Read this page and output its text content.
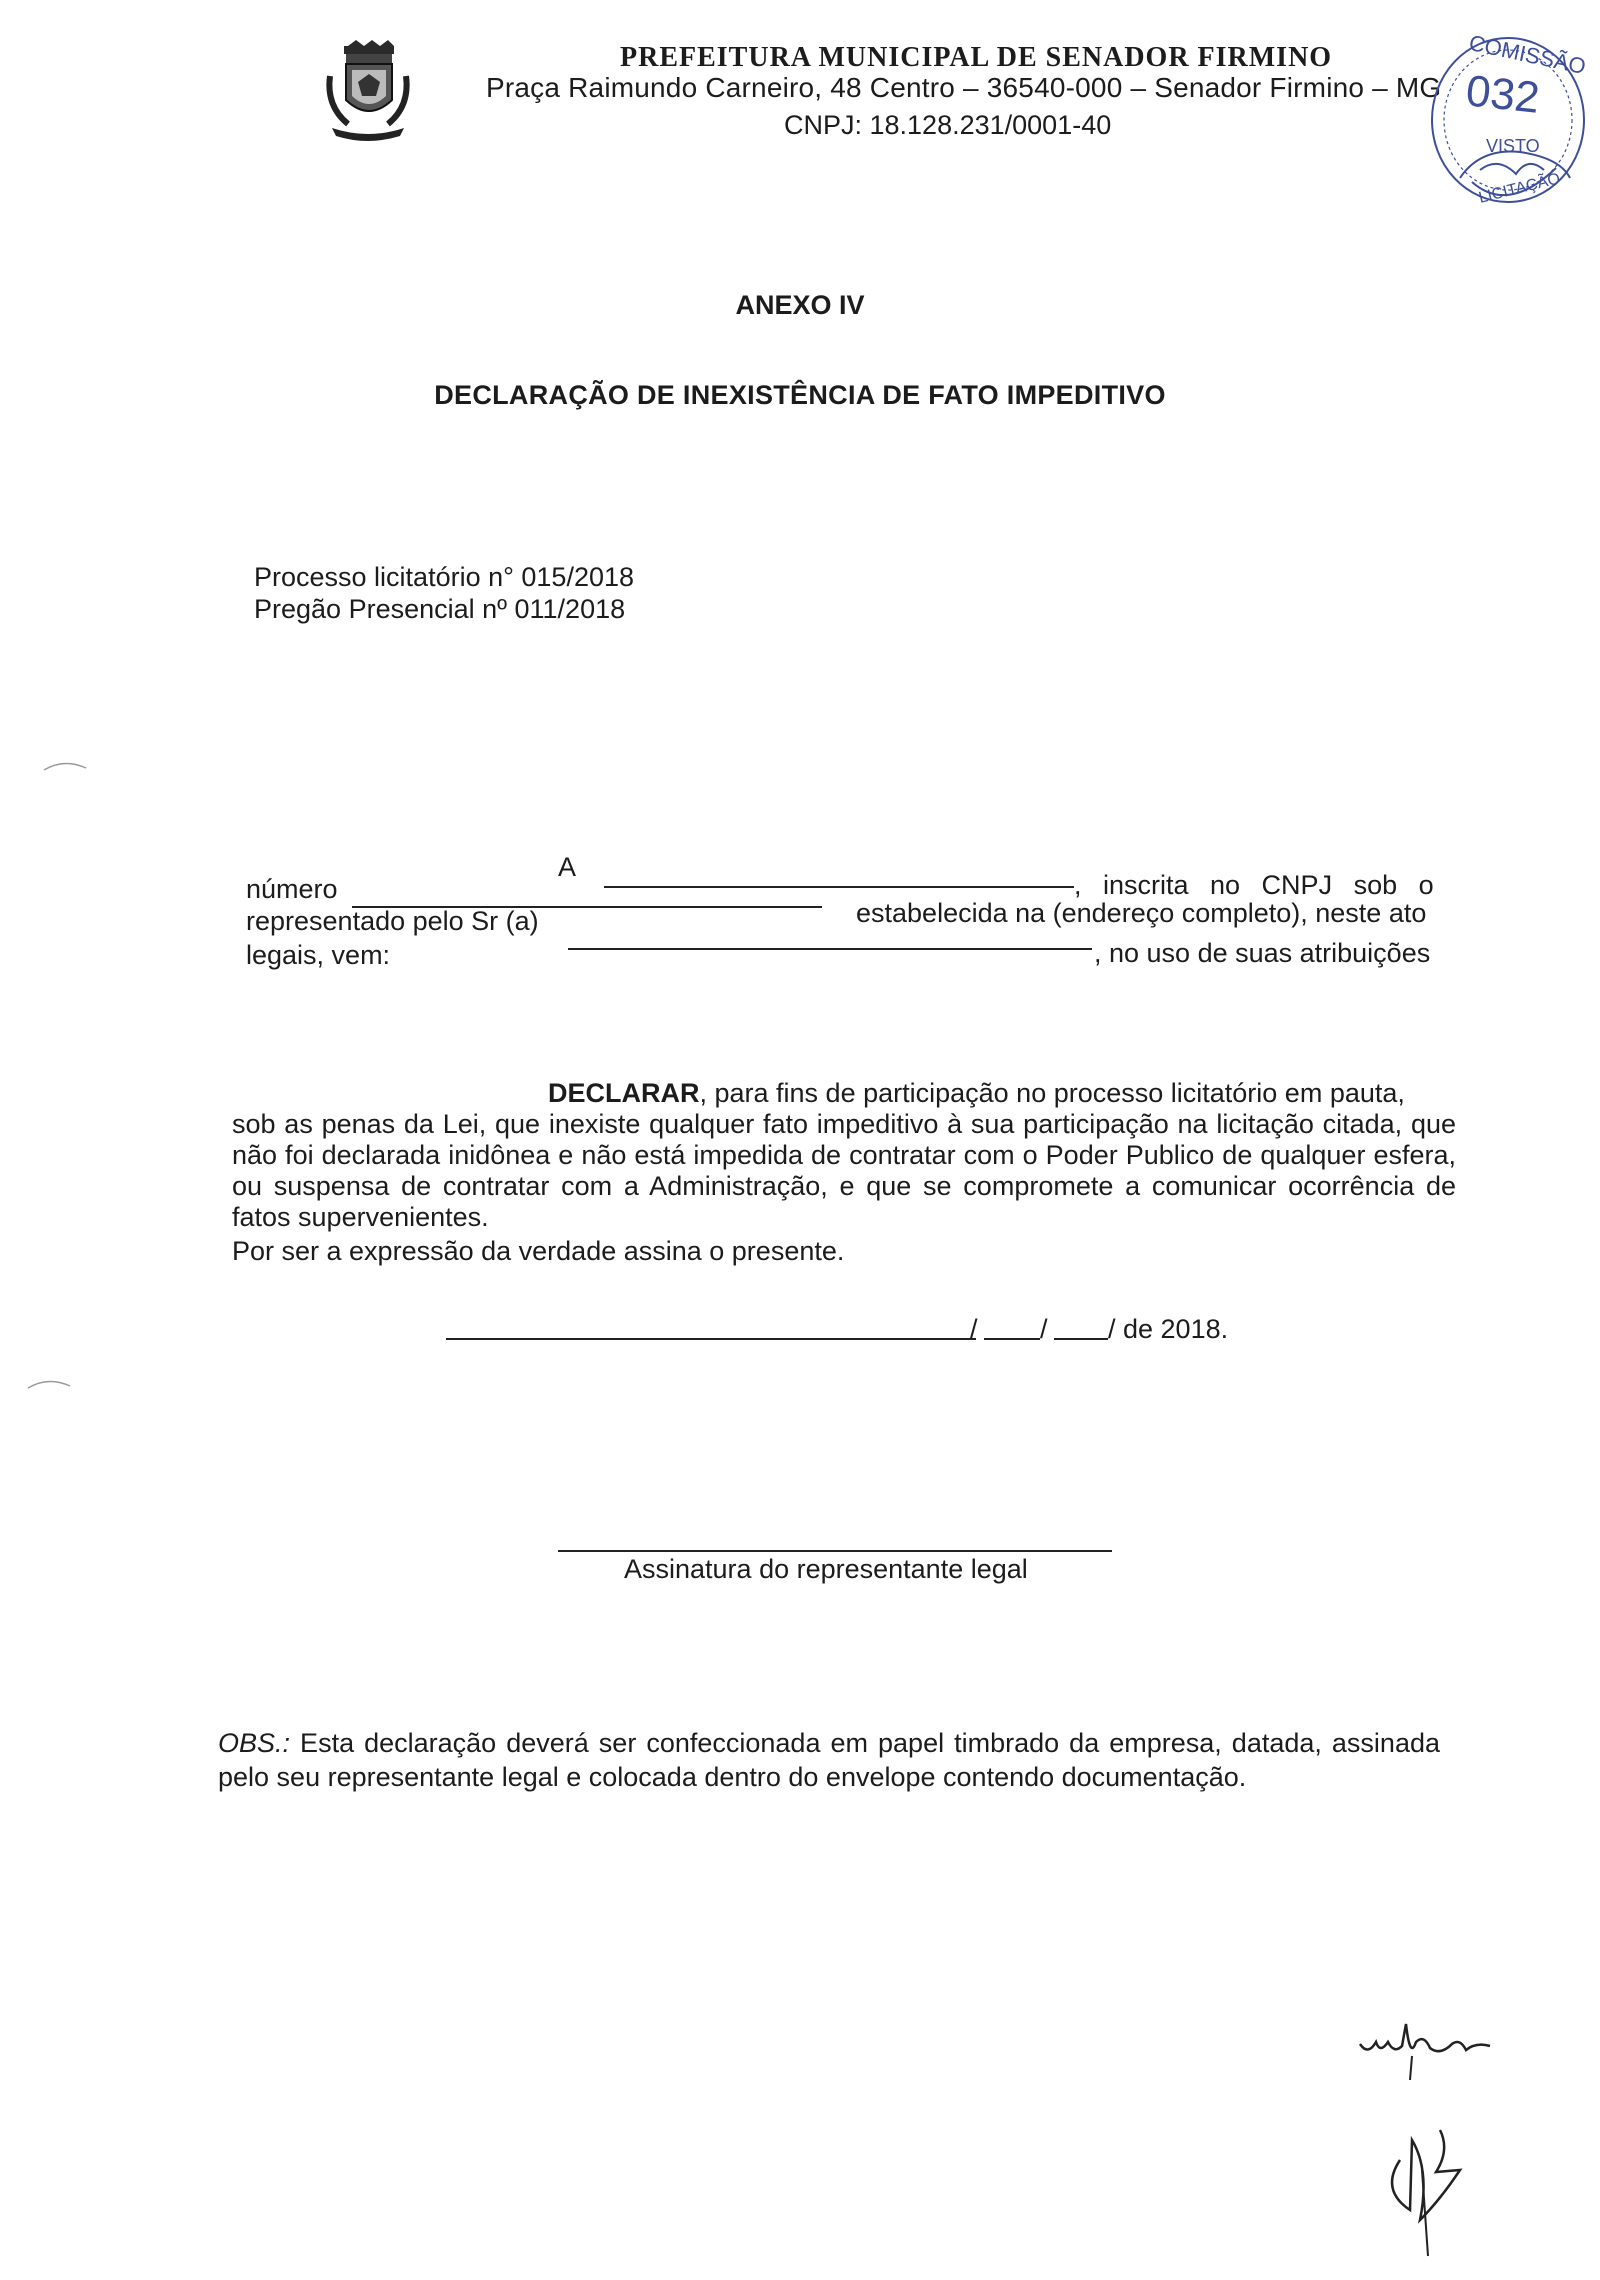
PREFEITURA MUNICIPAL DE SENADOR FIRMINO
Praça Raimundo Carneiro, 48 Centro – 36540-000 – Senador Firmino – MG
CNPJ: 18.128.231/0001-40
COMISSÃO
032
VISTO
LICITAÇÃO
ANEXO IV
DECLARAÇÃO DE INEXISTÊNCIA DE FATO IMPEDITIVO
Processo licitatório n° 015/2018
Pregão Presencial nº 011/2018
A
, inscrita no CNPJ sob o
número
estabelecida na (endereço completo), neste ato
representado pelo Sr (a)
, no uso de suas atribuições
legais, vem:
DECLARAR, para fins de participação no processo licitatório em pauta,
sob as penas da Lei, que inexiste qualquer fato impeditivo à sua participação na licitação citada, que não foi declarada inidônea e não está impedida de contratar com o Poder Publico de qualquer esfera, ou suspensa de contratar com a Administração, e que se compromete a comunicar ocorrência de fatos supervenientes.
Por ser a expressão da verdade assina o presente.
/ / / de 2018.
Assinatura do representante legal
OBS.: Esta declaração deverá ser confeccionada em papel timbrado da empresa, datada, assinada pelo seu representante legal e colocada dentro do envelope contendo documentação.
